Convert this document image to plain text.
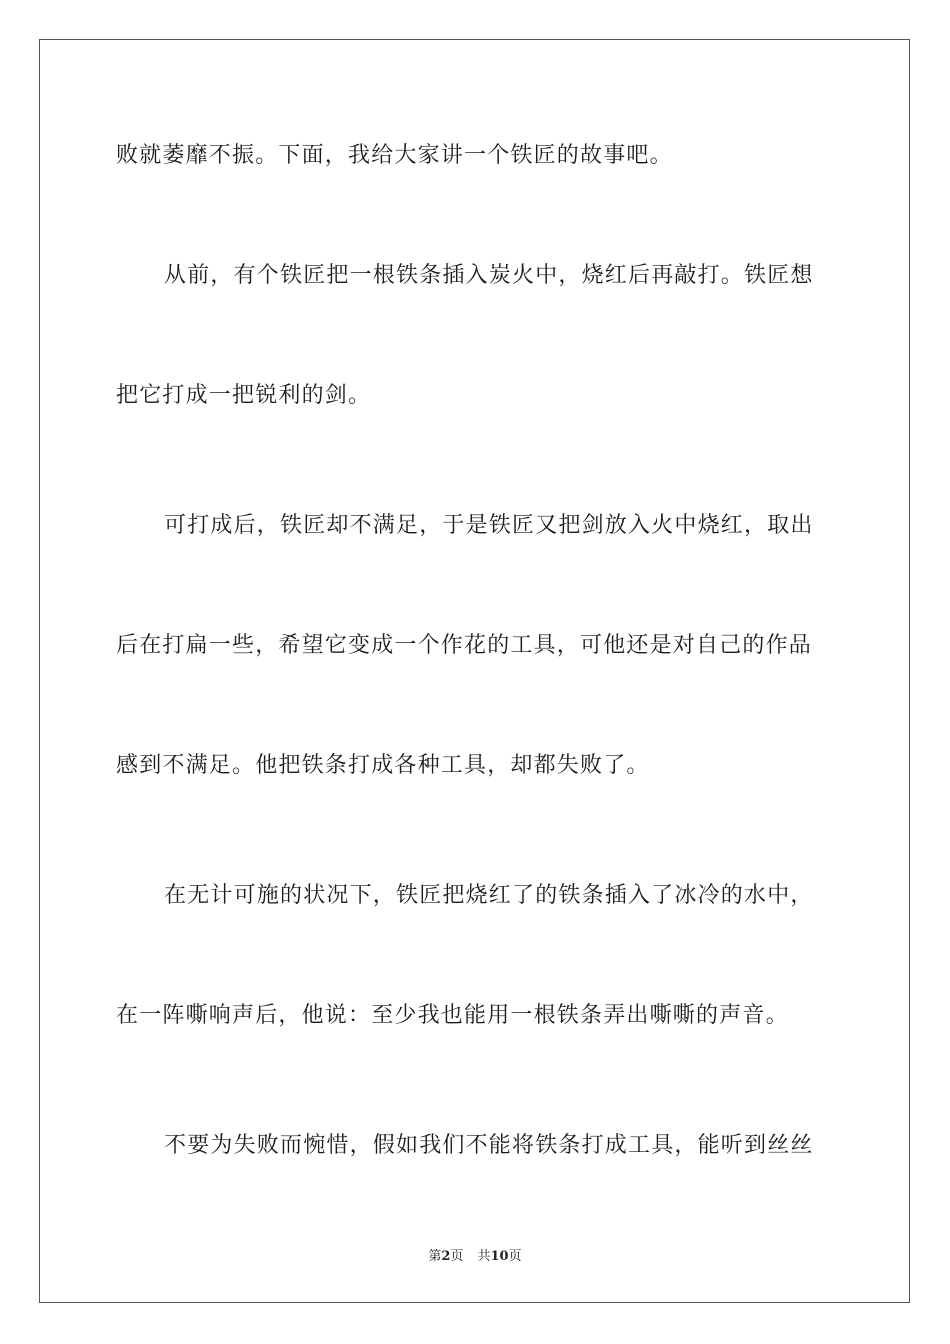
败就萎靡不振。下面，我给大家讲一个铁匠的故事吧。
从前，有个铁匠把一根铁条插入炭火中，烧红后再敲打。铁匠想
把它打成一把锐利的剑。
可打成后，铁匠却不满足，于是铁匠又把剑放入火中烧红，取出
后在打扁一些，希望它变成一个作花的工具，可他还是对自己的作品
感到不满足。他把铁条打成各种工具，却都失败了。
在无计可施的状况下，铁匠把烧红了的铁条插入了冰冷的水中，
在一阵嘶响声后，他说：至少我也能用一根铁条弄出嘶嘶的声音。
不要为失败而惋惜，假如我们不能将铁条打成工具，能听到丝丝
第2页 共10页
